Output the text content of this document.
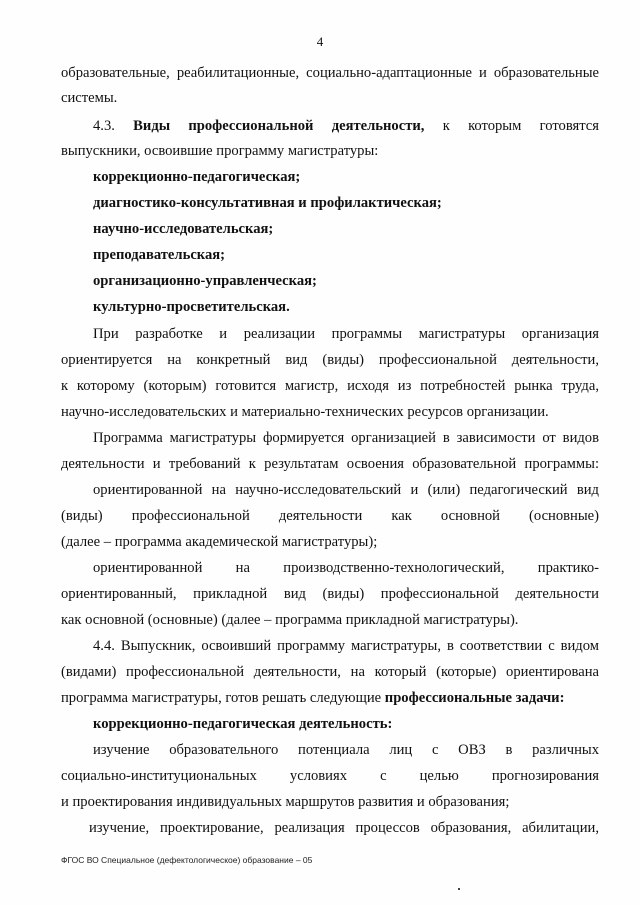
4
образовательные, реабилитационные, социально-адаптационные и образовательные
системы.
4.3. Виды профессиональной деятельности, к которым готовятся
выпускники, освоившие программу магистратуры:
коррекционно-педагогическая;
диагностико-консультативная и профилактическая;
научно-исследовательская;
преподавательская;
организационно-управленческая;
культурно-просветительская.
При разработке и реализации программы магистратуры организация
ориентируется на конкретный вид (виды) профессиональной деятельности,
к которому (которым) готовится магистр, исходя из потребностей рынка труда,
научно-исследовательских и материально-технических ресурсов организации.
Программа магистратуры формируется организацией в зависимости от видов
деятельности и требований к результатам освоения образовательной программы:
ориентированной на научно-исследовательский и (или) педагогический вид
(виды) профессиональной деятельности как основной (основные)
(далее – программа академической магистратуры);
ориентированной на производственно-технологический, практико-
ориентированный, прикладной вид (виды) профессиональной деятельности
как основной (основные) (далее – программа прикладной магистратуры).
4.4. Выпускник, освоивший программу магистратуры, в соответствии с видом
(видами) профессиональной деятельности, на который (которые) ориентирована
программа магистратуры, готов решать следующие профессиональные задачи:
коррекционно-педагогическая деятельность:
изучение образовательного потенциала лиц с ОВЗ в различных
социально-институциональных условиях с целью прогнозирования
и проектирования индивидуальных маршрутов развития и образования;
изучение, проектирование, реализация процессов образования, абилитации,
ФГОС ВО Специальное (дефектологическое) образование – 05
